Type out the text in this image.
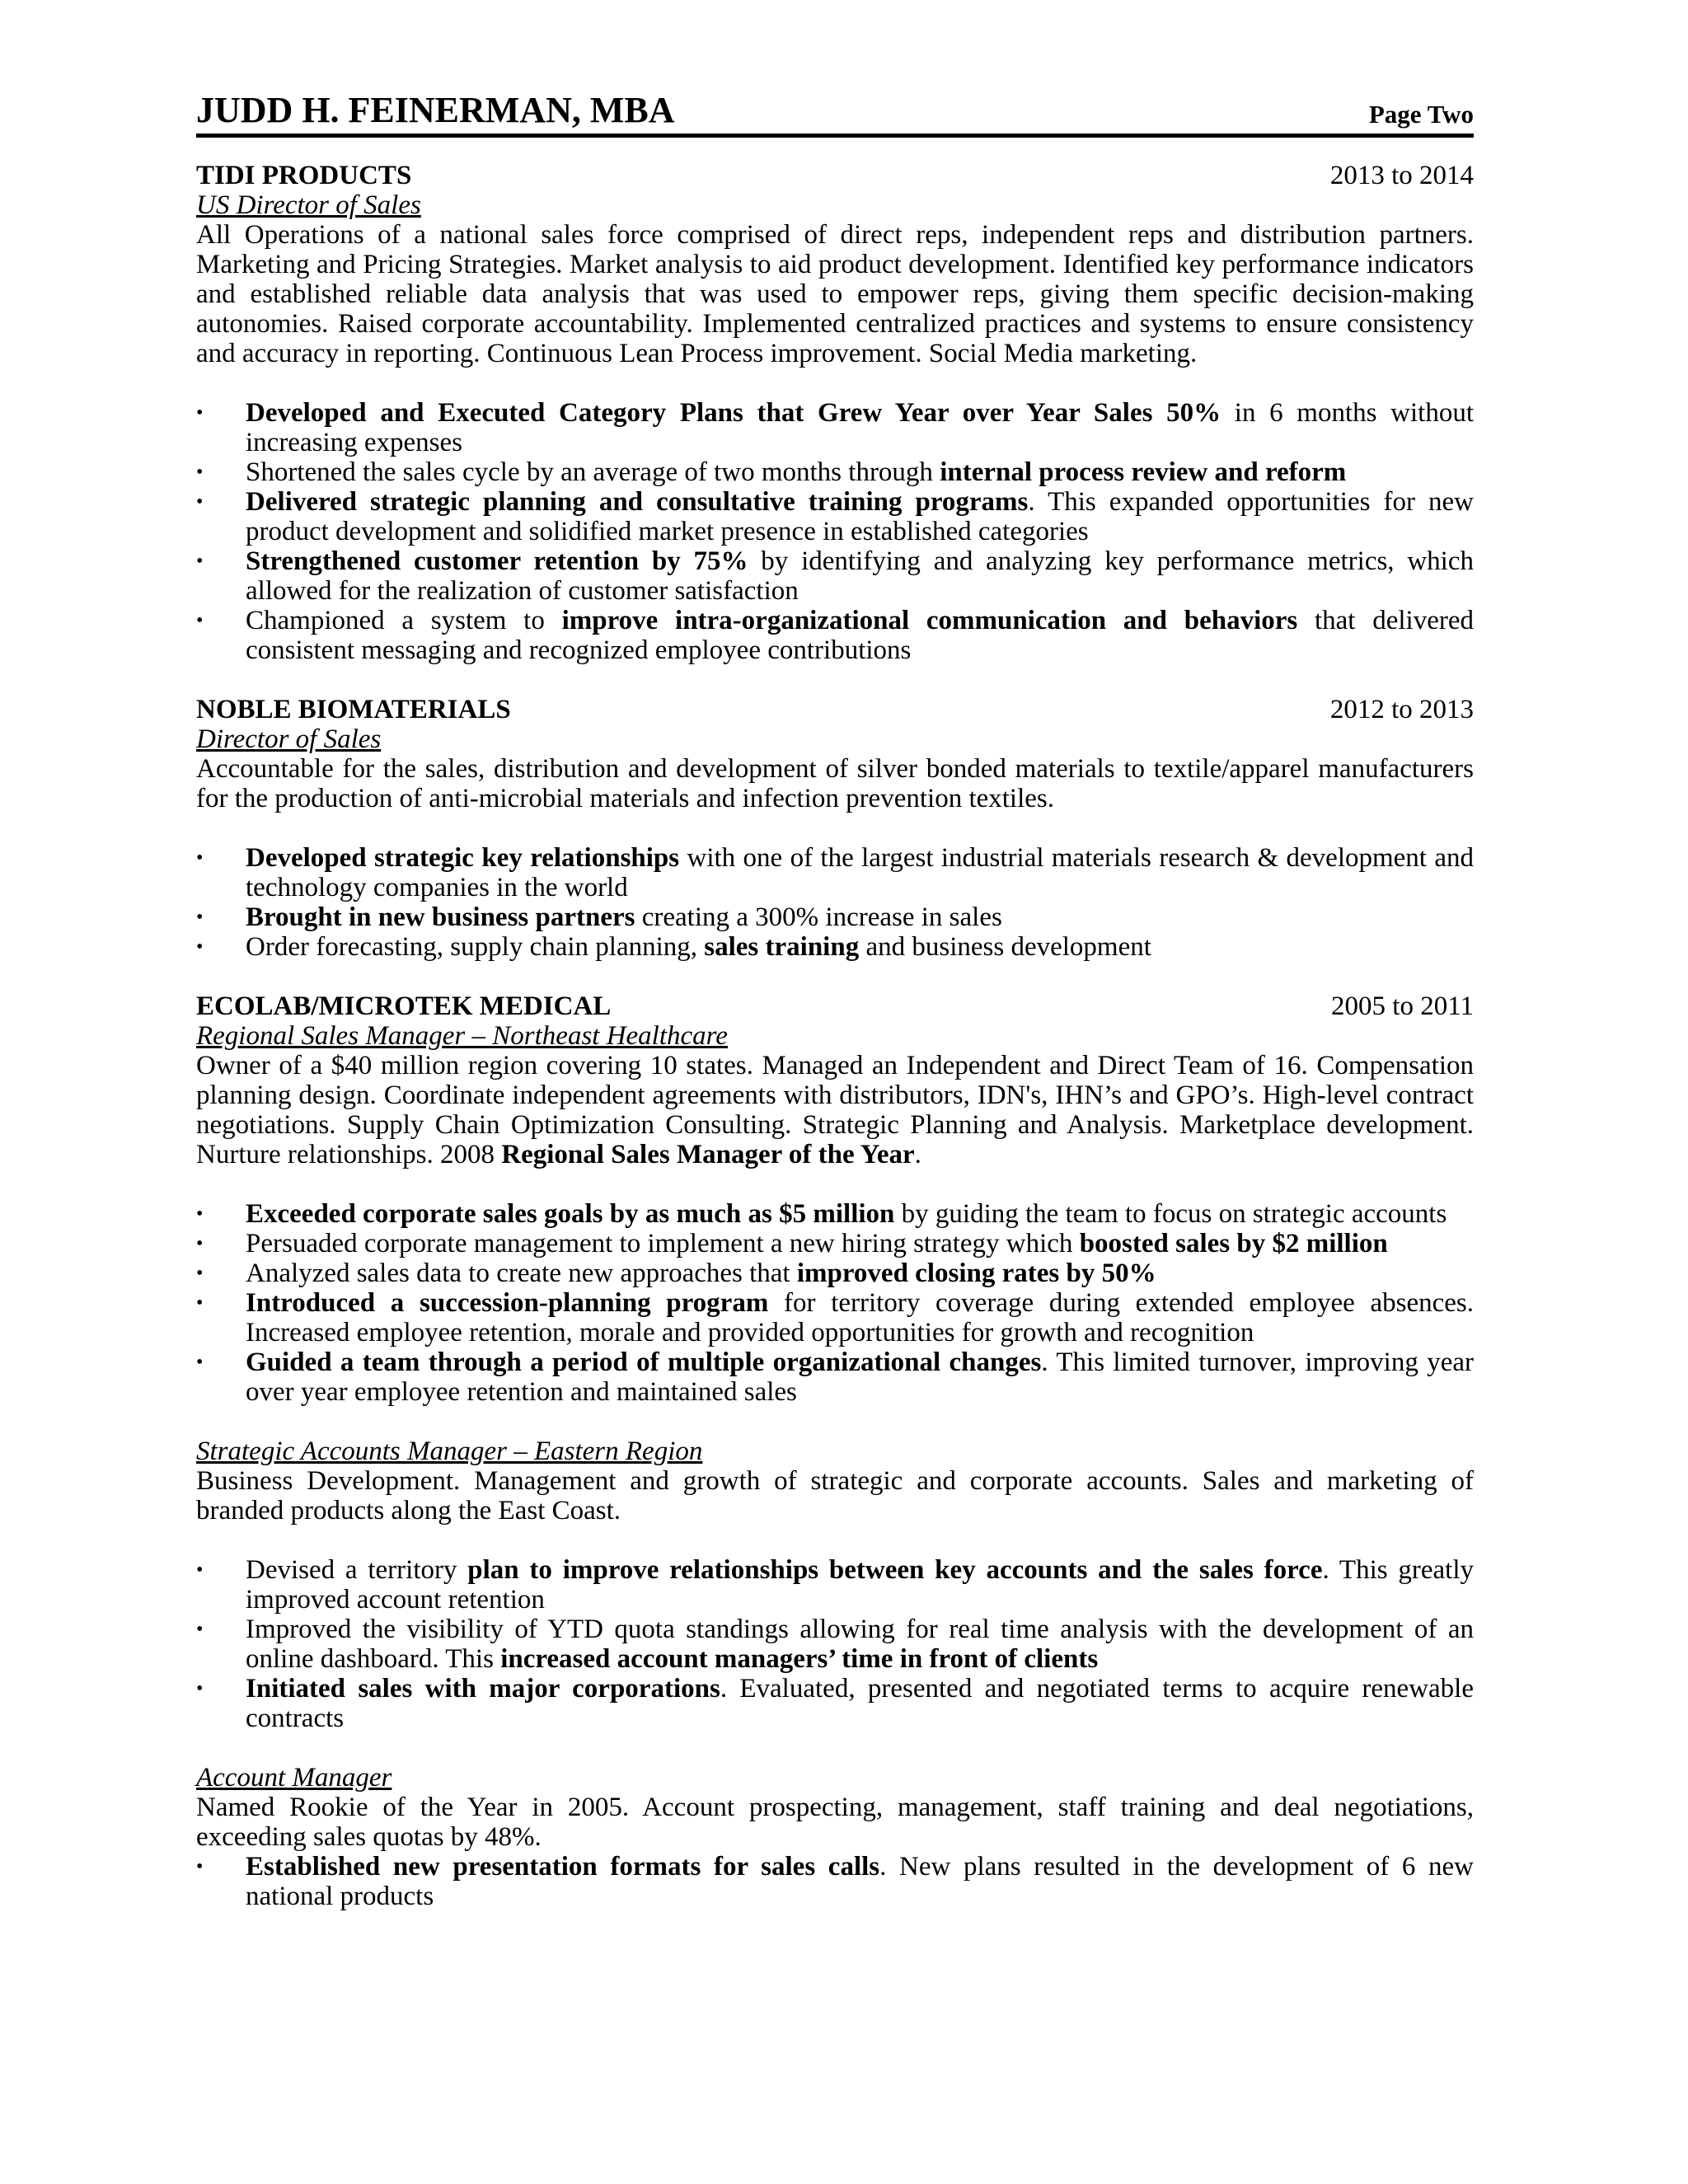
JUDD H. FEINERMAN, MBA	Page Two
TIDI PRODUCTS	2013 to 2014
US Director of Sales
All Operations of a national sales force comprised of direct reps, independent reps and distribution partners. Marketing and Pricing Strategies. Market analysis to aid product development. Identified key performance indicators and established reliable data analysis that was used to empower reps, giving them specific decision-making autonomies. Raised corporate accountability. Implemented centralized practices and systems to ensure consistency and accuracy in reporting. Continuous Lean Process improvement. Social Media marketing.
• Developed and Executed Category Plans that Grew Year over Year Sales 50% in 6 months without increasing expenses
• Shortened the sales cycle by an average of two months through internal process review and reform
• Delivered strategic planning and consultative training programs. This expanded opportunities for new product development and solidified market presence in established categories
• Strengthened customer retention by 75% by identifying and analyzing key performance metrics, which allowed for the realization of customer satisfaction
• Championed a system to improve intra-organizational communication and behaviors that delivered consistent messaging and recognized employee contributions
NOBLE BIOMATERIALS	2012 to 2013
Director of Sales
Accountable for the sales, distribution and development of silver bonded materials to textile/apparel manufacturers for the production of anti-microbial materials and infection prevention textiles.
• Developed strategic key relationships with one of the largest industrial materials research & development and technology companies in the world
• Brought in new business partners creating a 300% increase in sales
• Order forecasting, supply chain planning, sales training and business development
ECOLAB/MICROTEK MEDICAL	2005 to 2011
Regional Sales Manager – Northeast Healthcare
Owner of a $40 million region covering 10 states. Managed an Independent and Direct Team of 16. Compensation planning design. Coordinate independent agreements with distributors, IDN's, IHN’s and GPO’s. High-level contract negotiations. Supply Chain Optimization Consulting. Strategic Planning and Analysis. Marketplace development. Nurture relationships. 2008 Regional Sales Manager of the Year.
• Exceeded corporate sales goals by as much as $5 million by guiding the team to focus on strategic accounts
• Persuaded corporate management to implement a new hiring strategy which boosted sales by $2 million
• Analyzed sales data to create new approaches that improved closing rates by 50%
• Introduced a succession-planning program for territory coverage during extended employee absences. Increased employee retention, morale and provided opportunities for growth and recognition
• Guided a team through a period of multiple organizational changes. This limited turnover, improving year over year employee retention and maintained sales
Strategic Accounts Manager – Eastern Region
Business Development. Management and growth of strategic and corporate accounts. Sales and marketing of branded products along the East Coast.
• Devised a territory plan to improve relationships between key accounts and the sales force. This greatly improved account retention
• Improved the visibility of YTD quota standings allowing for real time analysis with the development of an online dashboard. This increased account managers’ time in front of clients
• Initiated sales with major corporations. Evaluated, presented and negotiated terms to acquire renewable contracts
Account Manager
Named Rookie of the Year in 2005. Account prospecting, management, staff training and deal negotiations, exceeding sales quotas by 48%.
• Established new presentation formats for sales calls. New plans resulted in the development of 6 new national products
